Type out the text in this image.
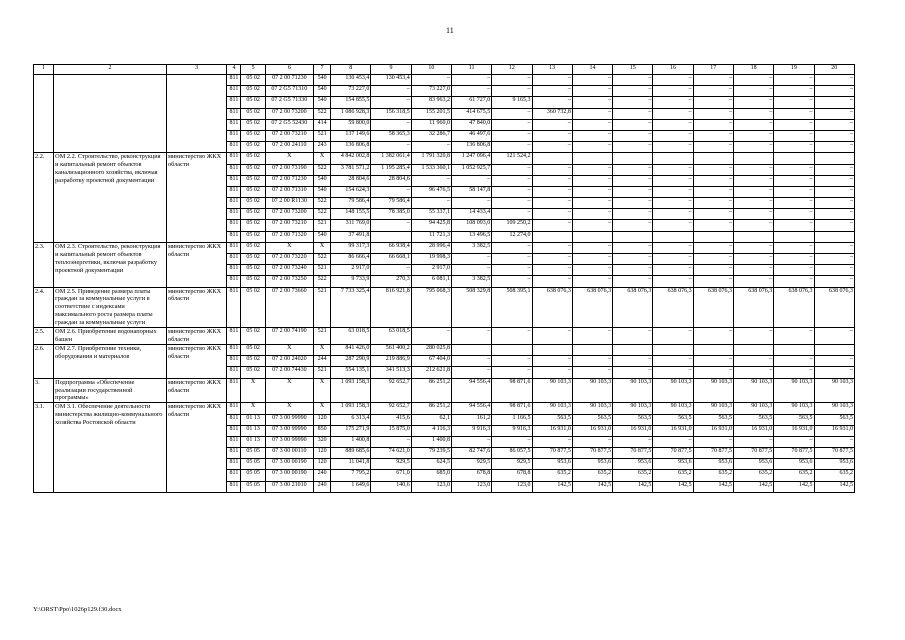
11
1	2	3	4	5	6	7	8	9	10	11	12	13	14	15	16	17	18	19	20
			811	05 02	07 2 00 71230	540	130 453,4	130 453,4	–	–	–	–	–	–	–	–	–	–	–
			811	05 02	07 2 G5 71310	540	73 227,0	–	73 227,0	–	–	–	–	–	–	–	–	–	–
			811	05 02	07 2 G5 71330	540	154 855,5	–	83 963,2	61 727,0	9 165,3	–	–	–	–	–	–	–	–
			811	05 02	07 2 00 73200	522	1 086 928,3	156 318,5	155 201,5	414 675,5	–	360 732,8	–	–	–	–	–	–	–
			811	05 02	07 2 G5 52430	414	59 800,0	–	11 960,0	47 840,0	–	–	–	–	–	–	–	–	–
			811	05 02	07 2 00 73210	521	137 149,6	58 365,3	32 286,7	46 497,6	–	–	–	–	–	–	–	–	–
			811	05 02	07 2 00 24110	243	136 806,8	–	–	136 806,8	–	–	–	–	–	–	–	–	–
2.2.	ОМ 2.2. Строительство, реконструкция и капитальный ремонт объектов канализационного хозяйства, включая разработку проектной документации	министерство ЖКХ области	811	05 02	Х	Х	4 842 002,8	1 382 061,4	1 791 320,8	1 247 096,4	121 524,2								
			811	05 02	07 2 00 73190	522	3 781 571,2	1 195 285,4	1 533 360,1	1 052 925,7	–	–	–	–	–	–	–	–	–
			811	05 02	07 2 00 71230	540	28 804,6	28 804,6	–	–	–	–	–	–	–	–	–	–	–
			811	05 02	07 2 00 71310	540	154 624,3	–	96 476,5	58 147,8	–	–	–	–	–	–	–	–	–
			811	05 02	07 2 00 R1130	522	79 586,4	79 586,4	–	–	–	–	–	–	–	–	–	–	–
			811	05 02	07 2 00 73200	522	148 155,5	78 385,0	55 337,1	14 433,4	–	–	–	–	–	–	–	–	–
			811	05 02	07 2 00 73210	521	311 769,0	–	94 425,8	108 093,0	109 250,2	–	–	–	–	–	–	–	–
			811	05 02	07 2 00 71320	540	37 491,8		11 721,3	13 496,5	12 274,0								
2.3.	ОМ 2.3. Строительство, реконструкция и капитальный ремонт объектов теплоэнергетики, включая разработку проектной документации	министерство ЖКХ области	811	05 02	Х	Х	99 317,3	66 938,4	28 996,4	3 382,5	–	–	–	–	–	–	–	–	–
			811	05 02	07 2 00 73220	522	86 666,4	66 668,1	19 998,3	–	–	–	–	–	–	–	–	–	–
			811	05 02	07 2 00 73240	521	2 917,0	–	2 917,0	–	–	–	–	–	–	–	–	–	–
			811	05 02	07 2 00 73250	522	9 733,9	270,3	6 081,1	3 382,5	–	–	–	–	–	–	–	–	–
2.4.	ОМ 2.5. Приведение размера платы граждан за коммунальные услуги в соответствие с индексами максимального роста размера платы граждан за коммунальные услуги	министерство ЖКХ области	811	05 02	07 2 00 73660	521	7 733 325,4	816 921,8	795 068,3	508 329,8	508 395,1	638 076,3	638 076,3	638 076,3	638 076,3	638 076,3	638 076,3	638 076,3	638 076,3
2.5.	ОМ 2.6. Приобретение водонапорных башен	министерство ЖКХ области	811	05 02	07 2 00 74190	521	63 018,5	63 018,5	–	–	–	–	–	–	–	–	–	–	–
2.6.	ОМ 2.7. Приобретение техники, оборудования и материалов	министерство ЖКХ области	811	05 02	Х	Х	841 426,0	561 400,2	280 025,8										
			811	05 02	07 2 00 24020	244	287 290,9	219 886,9	67 404,0	–	–	–	–	–	–	–	–	–	–
			811	05 02	07 2 00 74430	521	554 135,1	341 513,3	212 621,8	–	–	–	–	–	–	–	–	–	–
3.	Подпрограмма «Обеспечение реализации государственной программы»	министерство ЖКХ области	811	Х	Х	Х	1 093 158,3	92 652,7	86 251,2	94 556,4	98 871,6	90 103,3	90 103,3	90 103,3	90 103,3	90 103,3	90 103,3	90 103,3	90 103,3
3.1.	ОМ 3.1. Обеспечение деятельности министерства жилищно-коммунального хозяйства Ростовской области	министерство ЖКХ области	811	Х	Х	Х	1 093 158,3	92 652,7	86 251,2	94 556,4	98 871,6	90 103,3	90 103,3	90 103,3	90 103,3	90 103,3	90 103,3	90 103,3	90 103,3
			811	01 13	07 3 00 99990	120	6 313,4	415,6	62,1	161,2	1 166,5	563,5	563,5	563,5	563,5	563,5	563,5	563,5	563,5
			811	01 13	07 3 00 99990	850	175 271,9	15 875,0	4 116,3	9 916,3	9 916,3	16 931,0	16 931,0	16 931,0	16 931,0	16 931,0	16 931,0	16 931,0	16 931,0
			811	01 13	07 3 00 99990	320	1 400,8	–	1 400,8	–	–	–	–	–	–	–	–	–	–
			811	05 05	07 3 00 00110	120	889 685,6	74 621,0	79 239,5	82 747,6	86 057,5	70 877,5	70 877,5	70 877,5	70 877,5	70 877,5	70 877,5	70 877,5	70 877,5
			811	05 05	07 3 00 00190	120	11 041,8	929,5	624,5	929,5	929,5	953,6	953,6	953,6	953,6	953,6	953,6	953,6	953,6
			811	05 05	07 3 00 00190	240	7 795,2	671,0	685,0	678,8	678,8	635,2	635,2	635,2	635,2	635,2	635,2	635,2	635,2
			811	05 05	07 3 00 21010	240	1 649,6	140,6	123,0	123,0	123,0	142,5	142,5	142,5	142,5	142,5	142,5	142,5	142,5
Y:\ORST\Ppo\1026p129.f30.docx
